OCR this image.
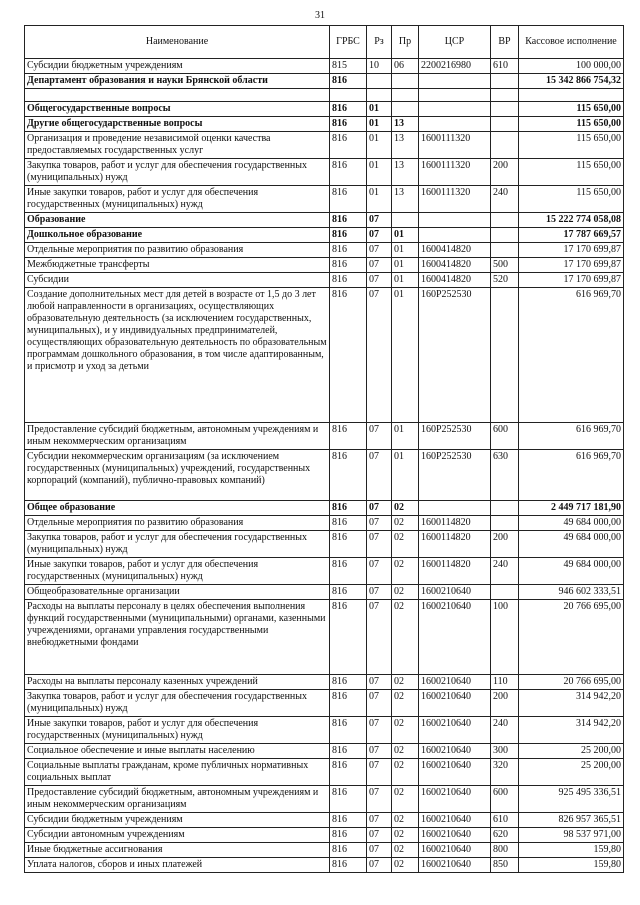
31
Наименование	ГРБС	Рз	Пр	ЦСР	ВР	Кассовое исполнение
Субсидии бюджетным учреждениям	815	10	06	2200216980	610	100 000,00
Департамент образования и науки Брянской области	816					15 342 866 754,32

Общегосударственные вопросы	816	01				115 650,00
Другие общегосударственные вопросы	816	01	13			115 650,00
Организация и проведение независимой оценки качества предоставляемых государственных услуг	816	01	13	1600111320		115 650,00
Закупка товаров, работ и услуг для обеспечения государственных (муниципальных) нужд	816	01	13	1600111320	200	115 650,00
Иные закупки товаров, работ и услуг для обеспечения государственных (муниципальных) нужд	816	01	13	1600111320	240	115 650,00
Образование	816	07				15 222 774 058,08
Дошкольное образование	816	07	01			17 787 669,57
Отдельные мероприятия по развитию образования	816	07	01	1600414820		17 170 699,87
Межбюджетные трансферты	816	07	01	1600414820	500	17 170 699,87
Субсидии	816	07	01	1600414820	520	17 170 699,87
Создание дополнительных мест для детей в возрасте от 1,5 до 3 лет любой направленности в организациях, осуществляющих образовательную деятельность (за исключением государственных, муниципальных), и у индивидуальных предпринимателей, осуществляющих образовательную деятельность по образовательным программам дошкольного образования, в том числе адаптированным, и присмотр и уход за детьми	816	07	01	160P252530		616 969,70
Предоставление субсидий бюджетным, автономным учреждениям и иным некоммерческим организациям	816	07	01	160P252530	600	616 969,70
Субсидии некоммерческим организациям (за исключением государственных (муниципальных) учреждений, государственных корпораций (компаний), публично-правовых компаний)	816	07	01	160P252530	630	616 969,70
Общее образование	816	07	02			2 449 717 181,90
Отдельные мероприятия по развитию образования	816	07	02	1600114820		49 684 000,00
Закупка товаров, работ и услуг для обеспечения государственных (муниципальных) нужд	816	07	02	1600114820	200	49 684 000,00
Иные закупки товаров, работ и услуг для обеспечения государственных (муниципальных) нужд	816	07	02	1600114820	240	49 684 000,00
Общеобразовательные организации	816	07	02	1600210640		946 602 333,51
Расходы на выплаты персоналу в целях обеспечения выполнения функций государственными (муниципальными) органами, казенными учреждениями, органами управления государственными внебюджетными фондами	816	07	02	1600210640	100	20 766 695,00
Расходы на выплаты персоналу казенных учреждений	816	07	02	1600210640	110	20 766 695,00
Закупка товаров, работ и услуг для обеспечения государственных (муниципальных) нужд	816	07	02	1600210640	200	314 942,20
Иные закупки товаров, работ и услуг для обеспечения государственных (муниципальных) нужд	816	07	02	1600210640	240	314 942,20
Социальное обеспечение и иные выплаты населению	816	07	02	1600210640	300	25 200,00
Социальные выплаты гражданам, кроме публичных нормативных социальных выплат	816	07	02	1600210640	320	25 200,00
Предоставление субсидий бюджетным, автономным учреждениям и иным некоммерческим организациям	816	07	02	1600210640	600	925 495 336,51
Субсидии бюджетным учреждениям	816	07	02	1600210640	610	826 957 365,51
Субсидии автономным учреждениям	816	07	02	1600210640	620	98 537 971,00
Иные бюджетные ассигнования	816	07	02	1600210640	800	159,80
Уплата налогов, сборов и иных платежей	816	07	02	1600210640	850	159,80
